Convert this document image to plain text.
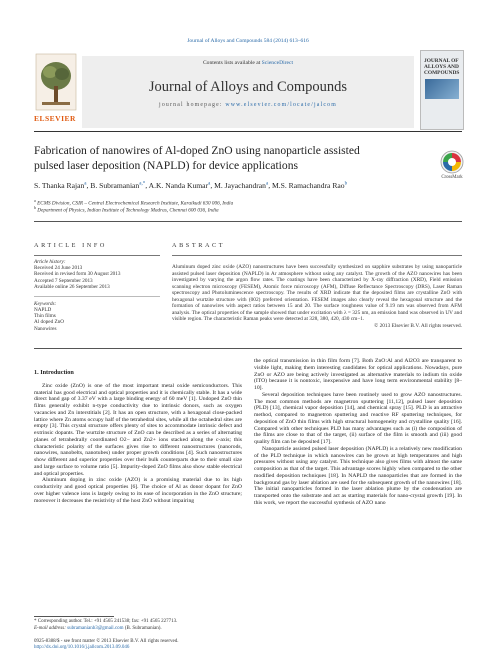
Journal of Alloys and Compounds 584 (2014) 613–616
ELSEVIER
Contents lists available at ScienceDirect
Journal of Alloys and Compounds
journal homepage: www.elsevier.com/locate/jalcom
JOURNAL OF ALLOYS AND COMPOUNDS
Fabrication of nanowires of Al-doped ZnO using nanoparticle assisted
pulsed laser deposition (NAPLD) for device applications
CrossMark
S. Thanka Rajan$^a$, B. Subramanian$^{a,*}$, A.K. Nanda Kumar$^a$, M. Jayachandran$^a$, M.S. Ramachandra Rao$^b$
$^a$ ECMS Division, CSIR – Central Electrochemical Research Institute, Karaikudi 630 006, India
$^b$ Department of Physics, Indian Institute of Technology Madras, Chennai 600 036, India
ARTICLE INFO
Article history:
Received 24 June 2013
Received in revised form 30 August 2013
Accepted 7 September 2013
Available online 26 September 2013
Keywords:
NAPLD
Thin films
Al doped ZnO
Nanowires
ABSTRACT
Aluminum doped zinc oxide (AZO) nanostructures have been successfully synthesized on sapphire substrates by using nanoparticle assisted pulsed laser deposition (NAPLD) in Ar atmosphere without using any catalyst. The growth of the AZO nanowires has been investigated by varying the argon flow rates. The coatings have been characterized by X-ray diffraction (XRD), Field emission scanning electron microscopy (FESEM), Atomic force microscopy (AFM), Diffuse Reflectance Spectroscopy (DRS), Laser Raman spectroscopy and Photoluminescence spectroscopy. The results of XRD indicate that the deposited films are crystalline ZnO with hexagonal wurtzite structure with (002) preferred orientation. FESEM images also clearly reveal the hexagonal structure and the formation of nanowires with aspect ratios between 15 and 20. The surface roughness value of 9.19 nm was observed from AFM analysis. The optical properties of the sample showed that under excitation with λ = 325 nm, an emission band was observed in UV and visible region. The characteristic Raman peaks were detected at 328, 380, 420, 430 cm−1.
© 2013 Elsevier B.V. All rights reserved.

1. Introduction

Zinc oxide (ZnO) is one of the most important metal oxide semiconductors. This material has good electrical and optical properties and it is chemically stable. It has a wide direct band gap of 3.37 eV with a large binding energy of 60 meV [1]. Undoped ZnO thin films generally exhibit n-type conductivity due to intrinsic donors, such as oxygen vacancies and Zn interstitials [2]. It has an open structure, with a hexagonal close-packed lattice where Zn atoms occupy half of the tetrahedral sites, while all the octahedral sites are empty [3]. This crystal structure offers plenty of sites to accommodate intrinsic defect and extrinsic dopants. The wurtzite structure of ZnO can be described as a series of alternating planes of tetrahedrally coordinated O2− and Zn2+ ions stacked along the c-axis; this characteristic polarity of the surfaces gives rise to different nanostructures (nanorods, nanowires, nanobelts, nanotubes) under proper growth conditions [4]. Such nanostructures show different and superior properties over their bulk counterparts due to their small size and large surface to volume ratio [5]. Impurity-doped ZnO films also show stable electrical and optical properties.

Aluminum doping in zinc oxide (AZO) is a promising material due to its high conductivity and good optical properties [6]. The choice of Al as donor dopant for ZnO over higher valence ions is largely owing to its ease of incorporation in the ZnO structure; moreover it decreases the resistivity of the host ZnO without impairing

the optical transmission in thin film form [7]. Both ZnO:Al and Al2O3 are transparent to visible light, making them interesting candidates for optical applications. Nowadays, pure ZnO or AZO are being actively investigated as alternative materials to indium tin oxide (ITO) because it is nontoxic, inexpensive and have long term environmental stability [8–10].

Several deposition techniques have been routinely used to grow AZO nanostructures. The most common methods are magnetron sputtering [11,12], pulsed laser deposition (PLD) [13], chemical vapor deposition [14], and chemical spray [15]. PLD is an attractive method, compared to magnetron sputtering and reactive RF sputtering techniques, for deposition of ZnO thin films with high structural homogeneity and crystalline quality [16]. Compared with other techniques PLD has many advantages such as (i) the composition of the films are close to that of the target, (ii) surface of the film is smooth and (iii) good quality film can be deposited [17].

Nanoparticle assisted pulsed laser deposition (NAPLD) is a relatively new modification of the PLD technique in which nanowires can be grown at high temperatures and high pressures without using any catalyst. This technique also gives films with almost the same composition as that of the target. This advantage scores highly when compared to the other modified deposition techniques [18]. In NAPLD the nanoparticles that are formed in the background gas by laser ablation are used for the subsequent growth of the nanowires [18]. The initial nanoparticles formed in the laser ablation plume by the condensation are transported onto the substrate and act as starting materials for nano-crystal growth [19]. In this work, we report the successful synthesis of AZO nano

* Corresponding author. Tel.: +91 4565 241538; fax: +91 4565 227713.
E-mail address: subramanianb3@gmail.com (B. Subramanian).
0925-8388/$ - see front matter © 2013 Elsevier B.V. All rights reserved.
http://dx.doi.org/10.1016/j.jallcom.2013.09.046
